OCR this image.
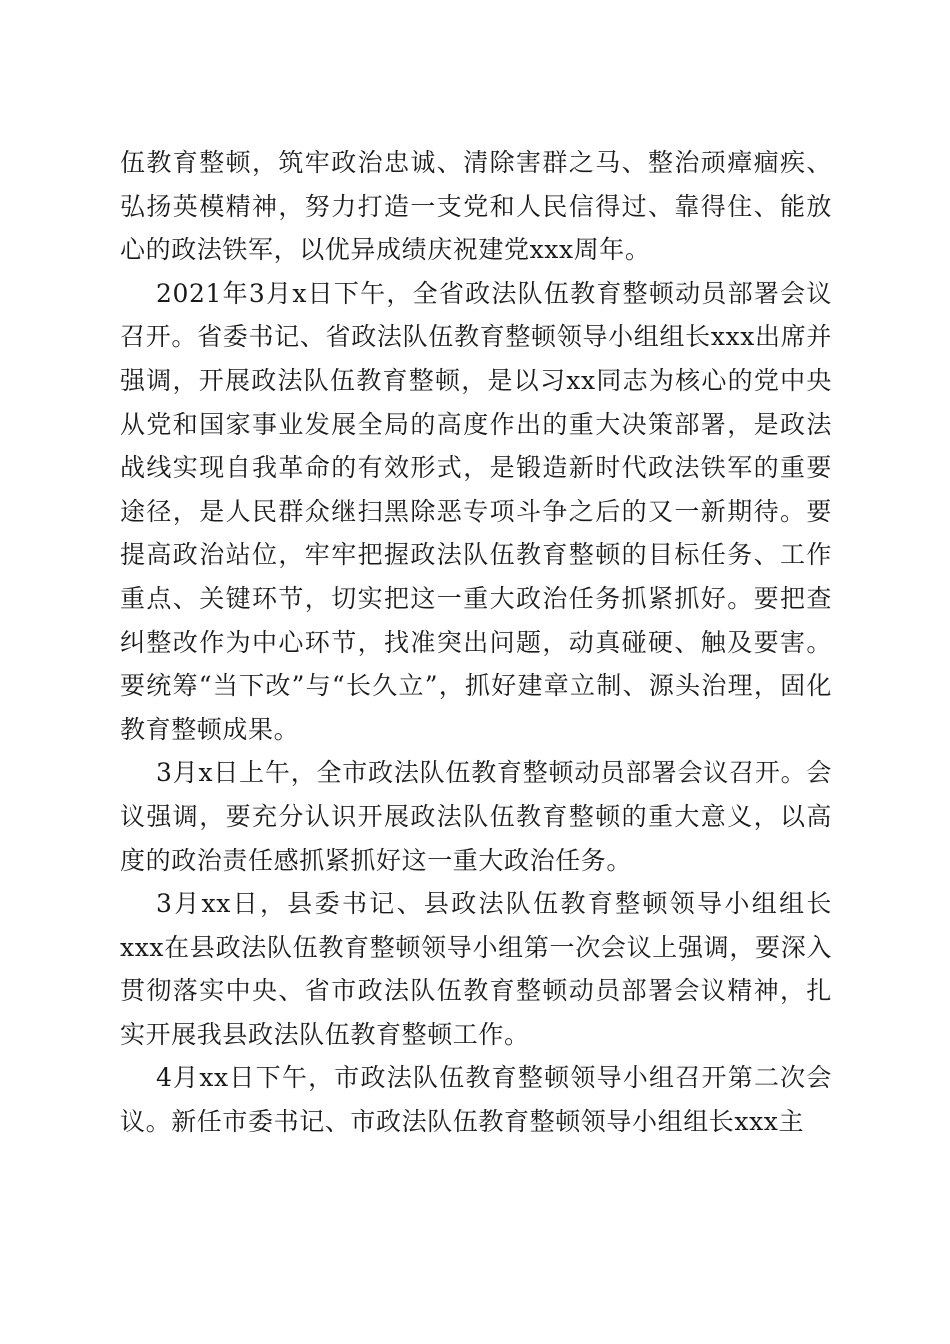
伍教育整顿，筑牢政治忠诚、清除害群之马、整治顽瘴痼疾、弘扬英模精神，努力打造一支党和人民信得过、靠得住、能放心的政法铁军，以优异成绩庆祝建党xxx周年。

2021年3月x日下午，全省政法队伍教育整顿动员部署会议召开。省委书记、省政法队伍教育整顿领导小组组长xxx出席并强调，开展政法队伍教育整顿，是以习xx同志为核心的党中央从党和国家事业发展全局的高度作出的重大决策部署，是政法战线实现自我革命的有效形式，是锻造新时代政法铁军的重要途径，是人民群众继扫黑除恶专项斗争之后的又一新期待。要提高政治站位，牢牢把握政法队伍教育整顿的目标任务、工作重点、关键环节，切实把这一重大政治任务抓紧抓好。要把查纠整改作为中心环节，找准突出问题，动真碰硬、触及要害。要统筹“当下改”与“长久立”，抓好建章立制、源头治理，固化教育整顿成果。

3月x日上午，全市政法队伍教育整顿动员部署会议召开。会议强调，要充分认识开展政法队伍教育整顿的重大意义，以高度的政治责任感抓紧抓好这一重大政治任务。

3月xx日，县委书记、县政法队伍教育整顿领导小组组长xxx在县政法队伍教育整顿领导小组第一次会议上强调，要深入贯彻落实中央、省市政法队伍教育整顿动员部署会议精神，扎实开展我县政法队伍教育整顿工作。

4月xx日下午，市政法队伍教育整顿领导小组召开第二次会议。新任市委书记、市政法队伍教育整顿领导小组组长xxx主
